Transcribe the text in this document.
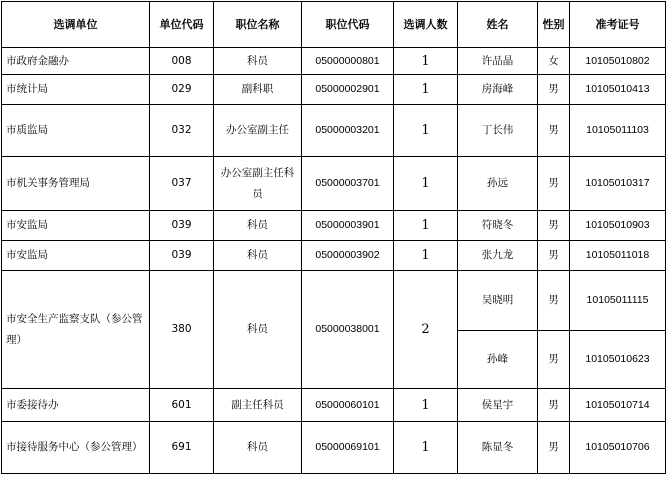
选调单位	单位代码	职位名称	职位代码	选调人数	姓名	性别	准考证号
市政府金融办	008	科员	05000000801	1	许品晶	女	10105010802
市统计局	029	副科职	05000002901	1	房海峰	男	10105010413
市质监局	032	办公室副主任	05000003201	1	丁长伟	男	10105011103
市机关事务管理局	037	办公室副主任科员	05000003701	1	孙远	男	10105010317
市安监局	039	科员	05000003901	1	符晓冬	男	10105010903
市安监局	039	科员	05000003902	1	张九龙	男	10105011018
市安全生产监察支队（参公管理）	380	科员	05000038001	2	吴晓明	男	10105011115
					孙峰	男	10105010623
市委接待办	601	副主任科员	05000060101	1	侯星宇	男	10105010714
市接待服务中心（参公管理）	691	科员	05000069101	1	陈显冬	男	10105010706
